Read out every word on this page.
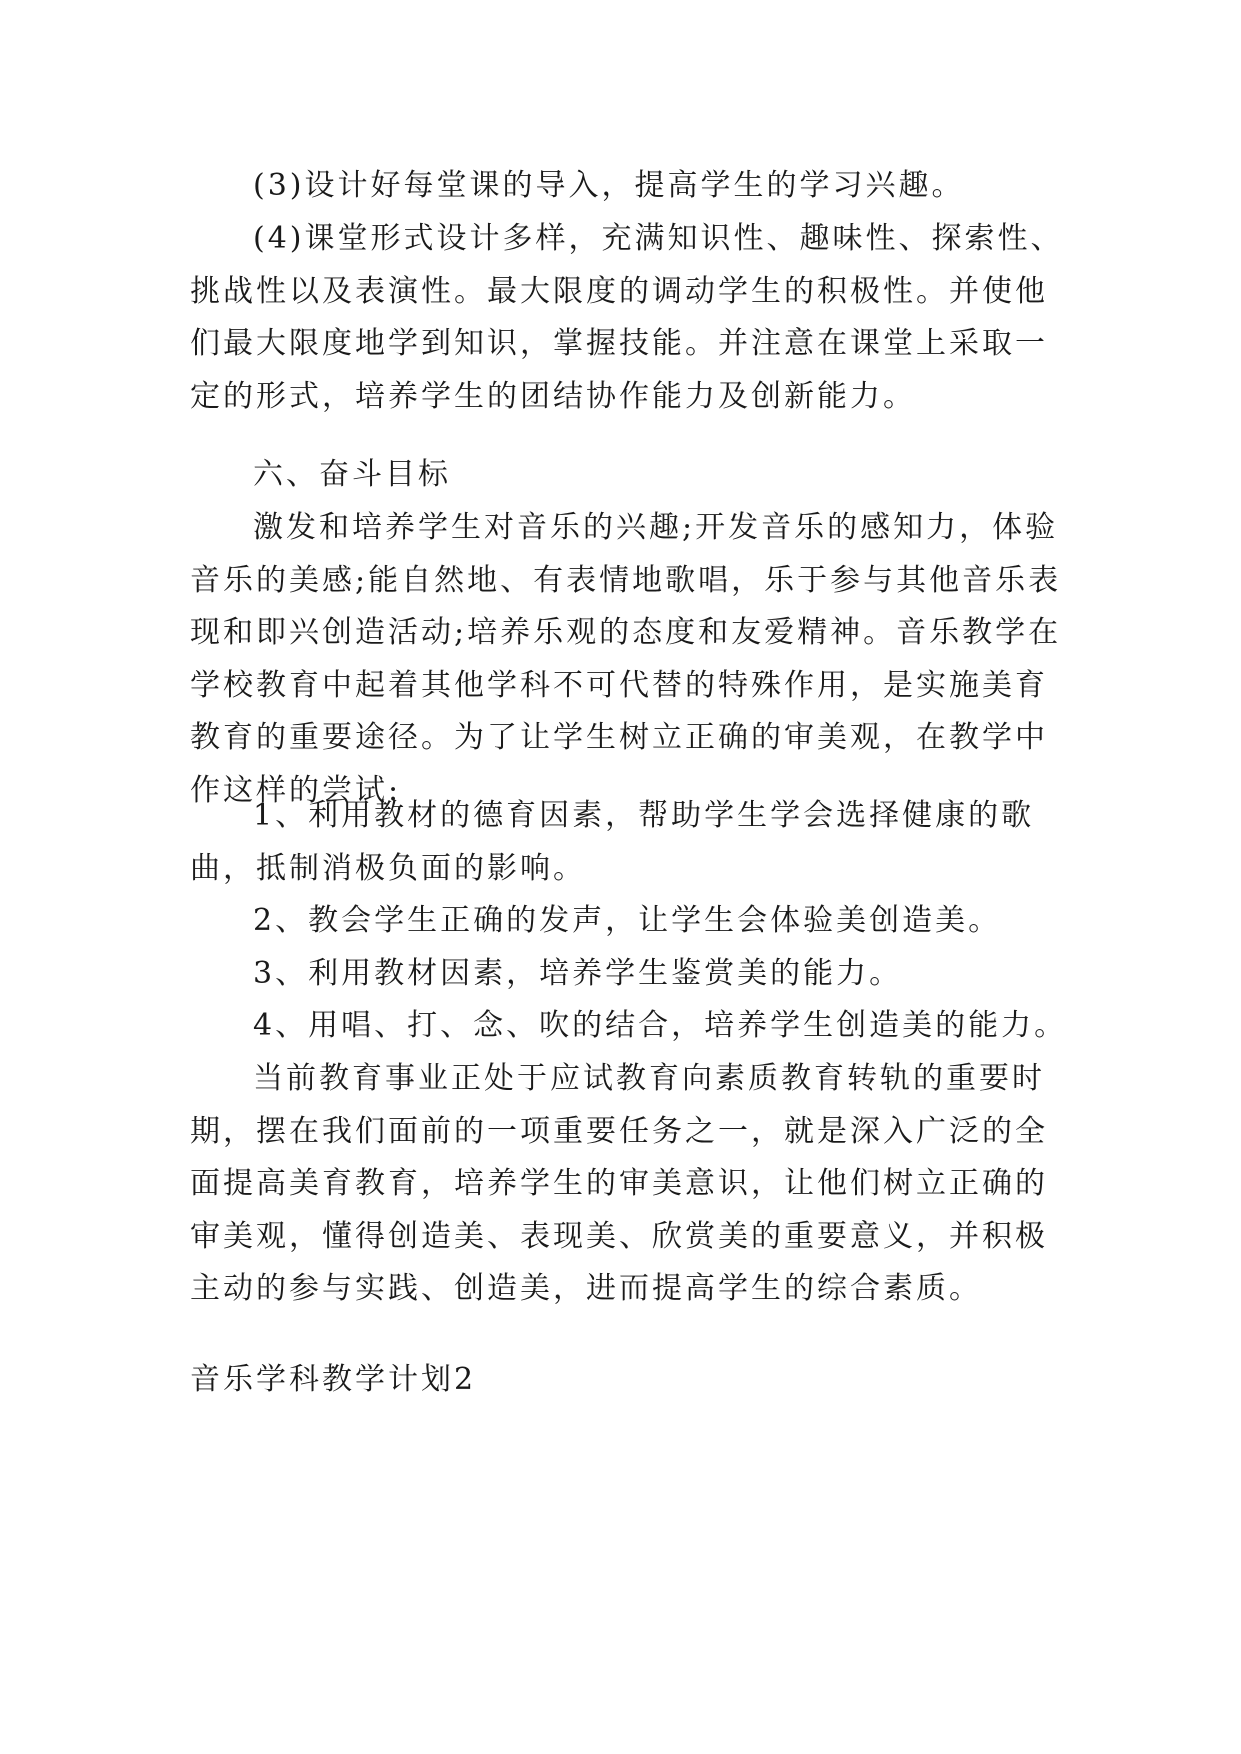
(3)设计好每堂课的导入，提高学生的学习兴趣。

(4)课堂形式设计多样，充满知识性、趣味性、探索性、挑战性以及表演性。最大限度的调动学生的积极性。并使他们最大限度地学到知识，掌握技能。并注意在课堂上采取一定的形式，培养学生的团结协作能力及创新能力。

六、奋斗目标

激发和培养学生对音乐的兴趣;开发音乐的感知力，体验音乐的美感;能自然地、有表情地歌唱，乐于参与其他音乐表现和即兴创造活动;培养乐观的态度和友爱精神。音乐教学在学校教育中起着其他学科不可代替的特殊作用，是实施美育教育的重要途径。为了让学生树立正确的审美观，在教学中作这样的尝试:

1、利用教材的德育因素，帮助学生学会选择健康的歌曲，抵制消极负面的影响。

2、教会学生正确的发声，让学生会体验美创造美。

3、利用教材因素，培养学生鉴赏美的能力。

4、用唱、打、念、吹的结合，培养学生创造美的能力。

当前教育事业正处于应试教育向素质教育转轨的重要时期，摆在我们面前的一项重要任务之一，就是深入广泛的全面提高美育教育，培养学生的审美意识，让他们树立正确的审美观，懂得创造美、表现美、欣赏美的重要意义，并积极主动的参与实践、创造美，进而提高学生的综合素质。

音乐学科教学计划2
